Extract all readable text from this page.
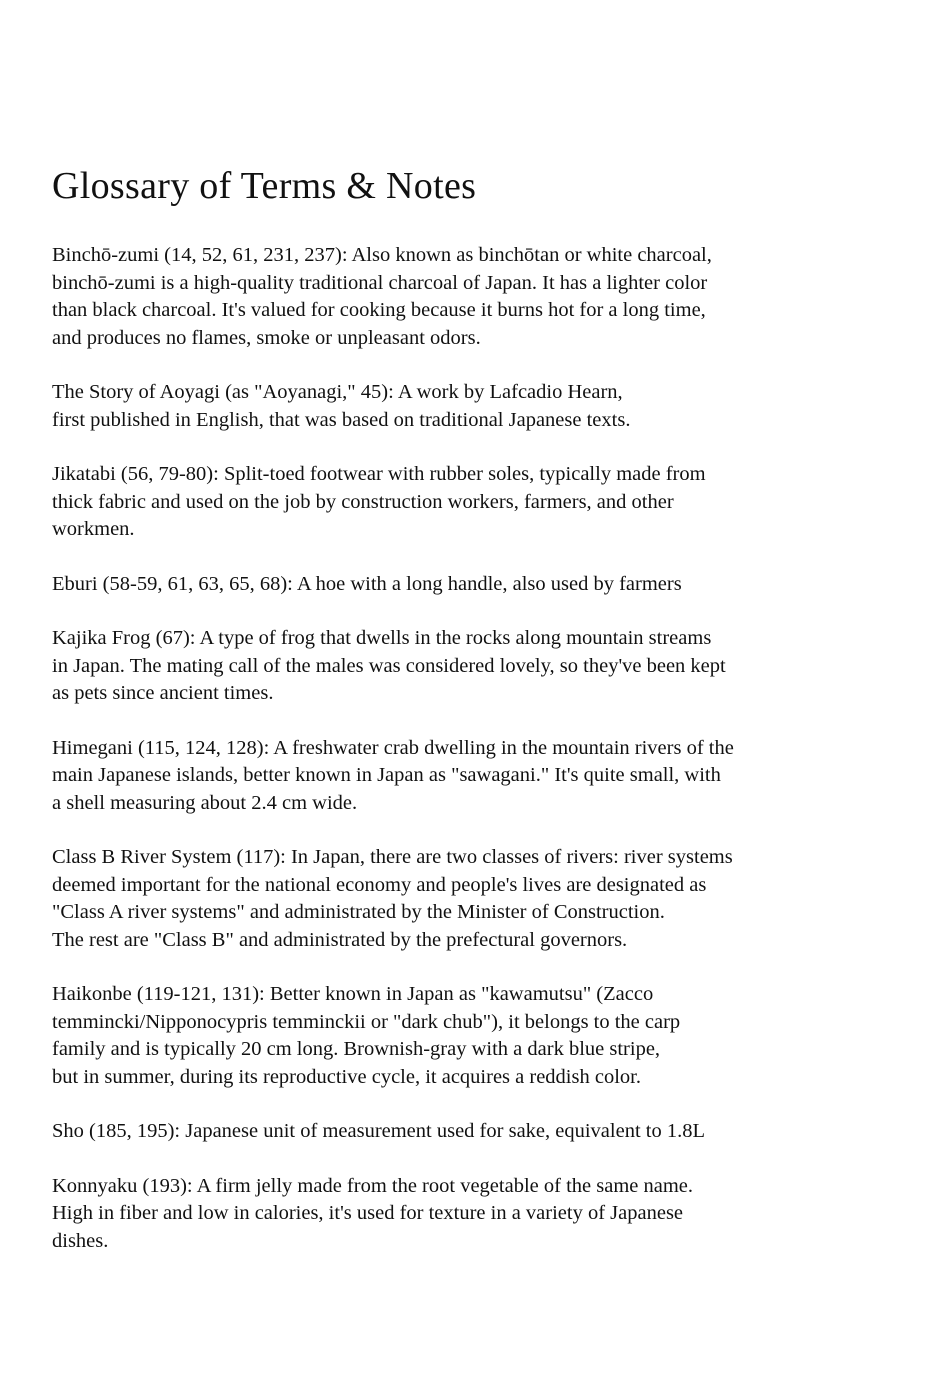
Glossary of Terms & Notes

Binchō-zumi (14, 52, 61, 231, 237): Also known as binchōtan or white charcoal,
binchō-zumi is a high-quality traditional charcoal of Japan. It has a lighter color
than black charcoal. It's valued for cooking because it burns hot for a long time,
and produces no flames, smoke or unpleasant odors.

The Story of Aoyagi (as "Aoyanagi," 45): A work by Lafcadio Hearn,
first published in English, that was based on traditional Japanese texts.

Jikatabi (56, 79-80): Split-toed footwear with rubber soles, typically made from
thick fabric and used on the job by construction workers, farmers, and other
workmen.

Eburi (58-59, 61, 63, 65, 68): A hoe with a long handle, also used by farmers

Kajika Frog (67): A type of frog that dwells in the rocks along mountain streams
in Japan. The mating call of the males was considered lovely, so they've been kept
as pets since ancient times.

Himegani (115, 124, 128): A freshwater crab dwelling in the mountain rivers of the
main Japanese islands, better known in Japan as "sawagani." It's quite small, with
a shell measuring about 2.4 cm wide.

Class B River System (117): In Japan, there are two classes of rivers: river systems
deemed important for the national economy and people's lives are designated as
"Class A river systems" and administrated by the Minister of Construction.
The rest are "Class B" and administrated by the prefectural governors.

Haikonbe (119-121, 131): Better known in Japan as "kawamutsu" (Zacco
temmincki/Nipponocypris temminckii or "dark chub"), it belongs to the carp
family and is typically 20 cm long. Brownish-gray with a dark blue stripe,
but in summer, during its reproductive cycle, it acquires a reddish color.

Sho (185, 195): Japanese unit of measurement used for sake, equivalent to 1.8L

Konnyaku (193): A firm jelly made from the root vegetable of the same name.
High in fiber and low in calories, it's used for texture in a variety of Japanese
dishes.
